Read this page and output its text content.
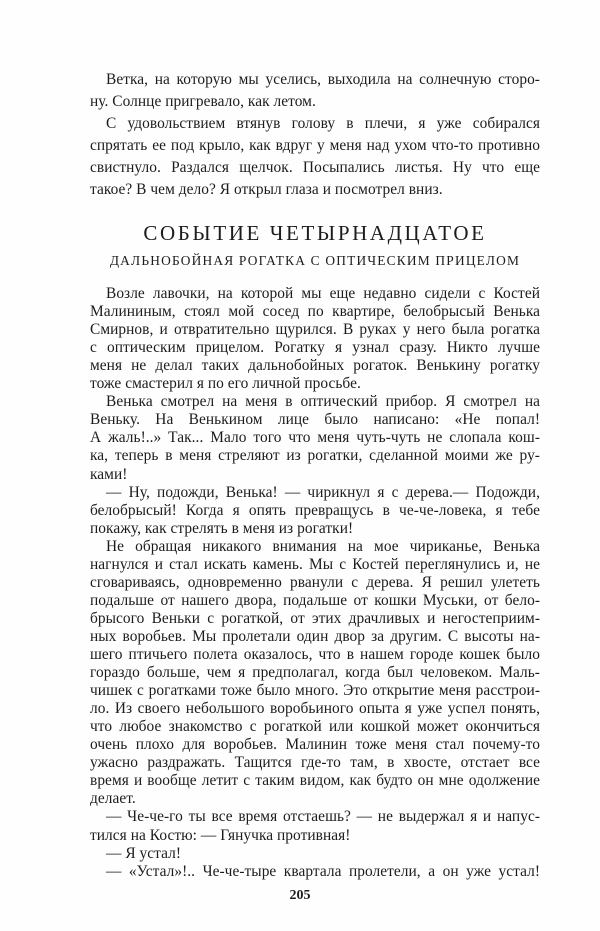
Ветка, на которую мы уселись, выходила на солнечную сторо-
ну. Солнце пригревало, как летом.
С удовольствием втянув голову в плечи, я уже собирался
спрятать ее под крыло, как вдруг у меня над ухом что-то противно
свистнуло. Раздался щелчок. Посыпались листья. Ну что еще
такое? В чем дело? Я открыл глаза и посмотрел вниз.
СОБЫТИЕ ЧЕТЫРНАДЦАТОЕ
ДАЛЬНОБОЙНАЯ РОГАТКА С ОПТИЧЕСКИМ ПРИЦЕЛОМ
Возле лавочки, на которой мы еще недавно сидели с Костей
Малининым, стоял мой сосед по квартире, белобрысый Венька
Смирнов, и отвратительно щурился. В руках у него была рогатка
с оптическим прицелом. Рогатку я узнал сразу. Никто лучше
меня не делал таких дальнобойных рогаток. Венькину рогатку
тоже смастерил я по его личной просьбе.
Венька смотрел на меня в оптический прибор. Я смотрел на
Веньку. На Венькином лице было написано: «Не попал!
А жаль!..» Так... Мало того что меня чуть-чуть не слопала кош-
ка, теперь в меня стреляют из рогатки, сделанной моими же ру-
ками!
— Ну, подожди, Венька! — чирикнул я с дерева.— Подожди,
белобрысый! Когда я опять превращусь в че-че-ловека, я тебе
покажу, как стрелять в меня из рогатки!
Не обращая никакого внимания на мое чириканье, Венька
нагнулся и стал искать камень. Мы с Костей переглянулись и, не
сговариваясь, одновременно рванули с дерева. Я решил улететь
подальше от нашего двора, подальше от кошки Муськи, от бело-
брысого Веньки с рогаткой, от этих драчливых и негостеприим-
ных воробьев. Мы пролетали один двор за другим. С высоты на-
шего птичьего полета оказалось, что в нашем городе кошек было
гораздо больше, чем я предполагал, когда был человеком. Маль-
чишек с рогатками тоже было много. Это открытие меня расстрои-
ло. Из своего небольшого воробьиного опыта я уже успел понять,
что любое знакомство с рогаткой или кошкой может окончиться
очень плохо для воробьев. Малинин тоже меня стал почему-то
ужасно раздражать. Тащится где-то там, в хвосте, отстает все
время и вообще летит с таким видом, как будто он мне одолжение
делает.
— Че-че-го ты все время отстаешь? — не выдержал я и напус-
тился на Костю: — Гянучка противная!
— Я устал!
— «Устал»!.. Че-че-тыре квартала пролетели, а он уже устал!
205
